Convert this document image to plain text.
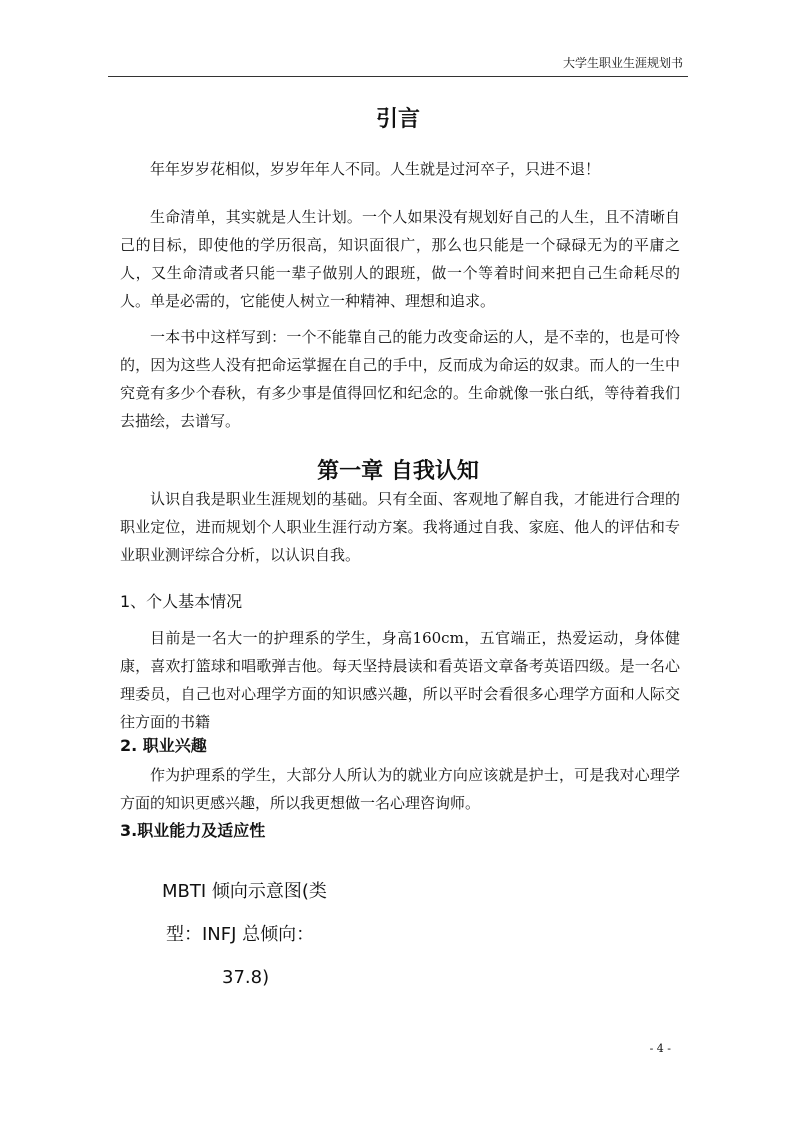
大学生职业生涯规划书
引言

年年岁岁花相似，岁岁年年人不同。人生就是过河卒子，只进不退！

生命清单，其实就是人生计划。一个人如果没有规划好自己的人生，且不清晰自己的目标，即使他的学历很高，知识面很广，那么也只能是一个碌碌无为的平庸之人，又生命清或者只能一辈子做别人的跟班，做一个等着时间来把自己生命耗尽的人。单是必需的，它能使人树立一种精神、理想和追求。

一本书中这样写到：一个不能靠自己的能力改变命运的人，是不幸的，也是可怜的，因为这些人没有把命运掌握在自己的手中，反而成为命运的奴隶。而人的一生中究竟有多少个春秋，有多少事是值得回忆和纪念的。生命就像一张白纸，等待着我们去描绘，去谱写。

第一章 自我认知

认识自我是职业生涯规划的基础。只有全面、客观地了解自我，才能进行合理的职业定位，进而规划个人职业生涯行动方案。我将通过自我、家庭、他人的评估和专业职业测评综合分析，以认识自我。

1、个人基本情况

目前是一名大一的护理系的学生，身高160cm，五官端正，热爱运动，身体健康，喜欢打篮球和唱歌弹吉他。每天坚持晨读和看英语文章备考英语四级。是一名心理委员，自己也对心理学方面的知识感兴趣，所以平时会看很多心理学方面和人际交往方面的书籍

2. 职业兴趣

作为护理系的学生，大部分人所认为的就业方向应该就是护士，可是我对心理学方面的知识更感兴趣，所以我更想做一名心理咨询师。

3.职业能力及适应性
MBTI 倾向示意图(类
型：INFJ 总倾向：
37.8)
- 4 -
